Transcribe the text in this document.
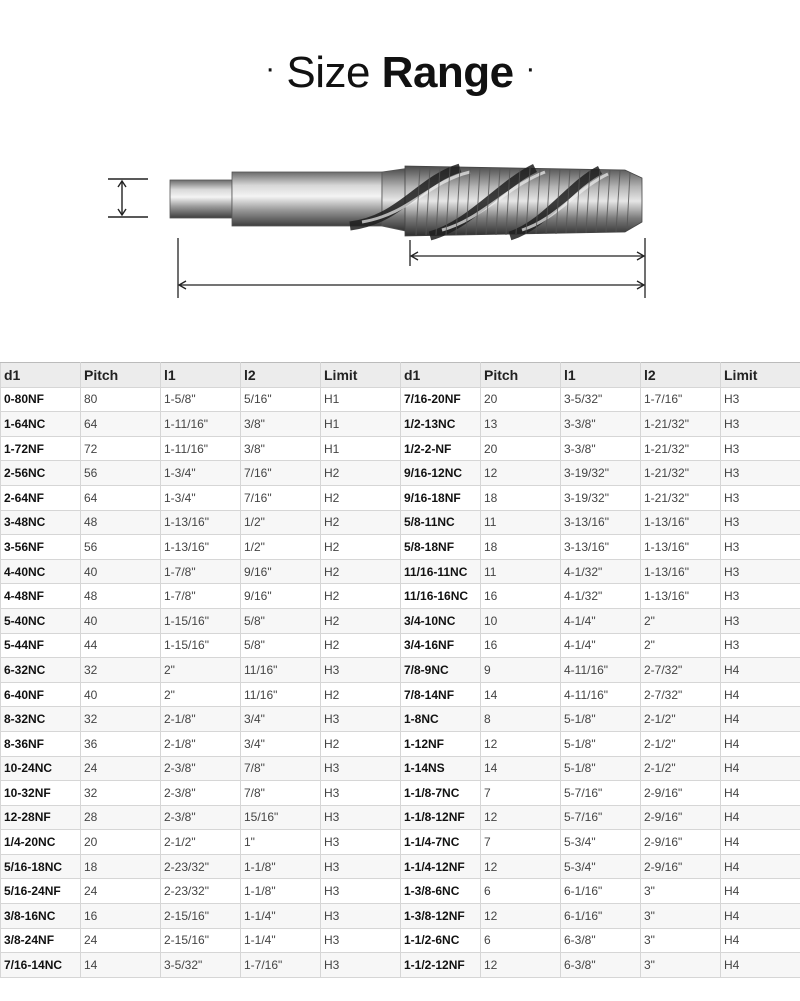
· Size Range ·
d1	Pitch	l1	l2	Limit	d1	Pitch	l1	l2	Limit
0-80NF	80	1-5/8"	5/16"	H1	7/16-20NF	20	3-5/32"	1-7/16"	H3
1-64NC	64	1-11/16"	3/8"	H1	1/2-13NC	13	3-3/8"	1-21/32"	H3
1-72NF	72	1-11/16"	3/8"	H1	1/2-2-NF	20	3-3/8"	1-21/32"	H3
2-56NC	56	1-3/4"	7/16"	H2	9/16-12NC	12	3-19/32"	1-21/32"	H3
2-64NF	64	1-3/4"	7/16"	H2	9/16-18NF	18	3-19/32"	1-21/32"	H3
3-48NC	48	1-13/16"	1/2"	H2	5/8-11NC	11	3-13/16"	1-13/16"	H3
3-56NF	56	1-13/16"	1/2"	H2	5/8-18NF	18	3-13/16"	1-13/16"	H3
4-40NC	40	1-7/8"	9/16"	H2	11/16-11NC	11	4-1/32"	1-13/16"	H3
4-48NF	48	1-7/8"	9/16"	H2	11/16-16NC	16	4-1/32"	1-13/16"	H3
5-40NC	40	1-15/16"	5/8"	H2	3/4-10NC	10	4-1/4"	2"	H3
5-44NF	44	1-15/16"	5/8"	H2	3/4-16NF	16	4-1/4"	2"	H3
6-32NC	32	2"	11/16"	H3	7/8-9NC	9	4-11/16"	2-7/32"	H4
6-40NF	40	2"	11/16"	H2	7/8-14NF	14	4-11/16"	2-7/32"	H4
8-32NC	32	2-1/8"	3/4"	H3	1-8NC	8	5-1/8"	2-1/2"	H4
8-36NF	36	2-1/8"	3/4"	H2	1-12NF	12	5-1/8"	2-1/2"	H4
10-24NC	24	2-3/8"	7/8"	H3	1-14NS	14	5-1/8"	2-1/2"	H4
10-32NF	32	2-3/8"	7/8"	H3	1-1/8-7NC	7	5-7/16"	2-9/16"	H4
12-28NF	28	2-3/8"	15/16"	H3	1-1/8-12NF	12	5-7/16"	2-9/16"	H4
1/4-20NC	20	2-1/2"	1"	H3	1-1/4-7NC	7	5-3/4"	2-9/16"	H4
5/16-18NC	18	2-23/32"	1-1/8"	H3	1-1/4-12NF	12	5-3/4"	2-9/16"	H4
5/16-24NF	24	2-23/32"	1-1/8"	H3	1-3/8-6NC	6	6-1/16"	3"	H4
3/8-16NC	16	2-15/16"	1-1/4"	H3	1-3/8-12NF	12	6-1/16"	3"	H4
3/8-24NF	24	2-15/16"	1-1/4"	H3	1-1/2-6NC	6	6-3/8"	3"	H4
7/16-14NC	14	3-5/32"	1-7/16"	H3	1-1/2-12NF	12	6-3/8"	3"	H4
